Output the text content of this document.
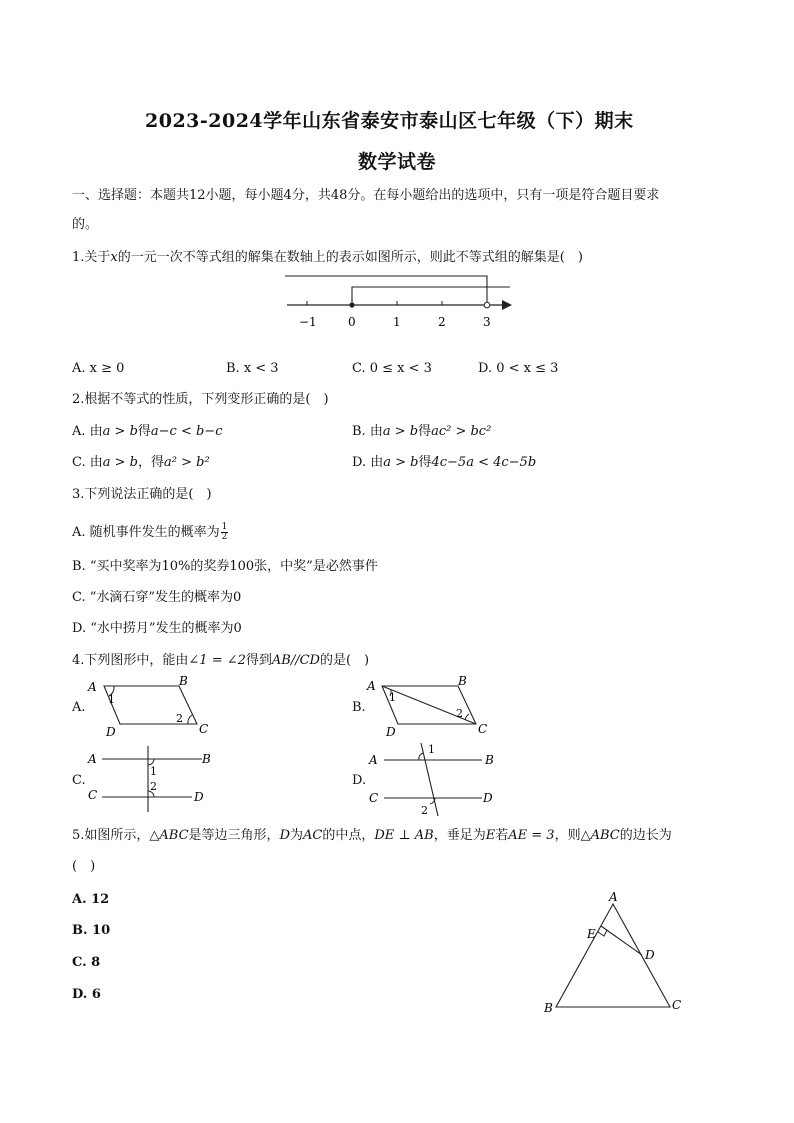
2023-2024学年山东省泰安市泰山区七年级（下）期末
数学试卷
一、选择题：本题共12小题，每小题4分，共48分。在每小题给出的选项中，只有一项是符合题目要求
的。
1.关于x的一元一次不等式组的解集在数轴上的表示如图所示，则此不等式组的解集是(　)
−1	0	1	2	3
A. x ≥ 0	B. x < 3	C. 0 ≤ x < 3	D. 0 < x ≤ 3
2.根据不等式的性质，下列变形正确的是(　)
A. 由a > b得a−c < b−c	B. 由a > b得ac² > bc²
C. 由a > b，得a² > b²	D. 由a > b得4c−5a < 4c−5b
3.下列说法正确的是(　)
A. 随机事件发生的概率为 $\frac{1}{2}$
B. “买中奖率为10%的奖券100张，中奖”是必然事件
C. “水滴石穿”发生的概率为0
D. “水中捞月”发生的概率为0
4.下列图形中，能由∠1 = ∠2得到AB//CD的是(　)
A.
A	B
C
D
1
2
B.
A	B
C
D
1
2
C.
A	B
C	D
1
2	D.
A	B
C	D
1
2
5.如图所示，△ABC是等边三角形，D为AC的中点，DE ⊥ AB，垂足为E若AE = 3，则△ABC的边长为
(　)
A. 12
B. 10
C. 8
D. 6
A
B	C
D
E
